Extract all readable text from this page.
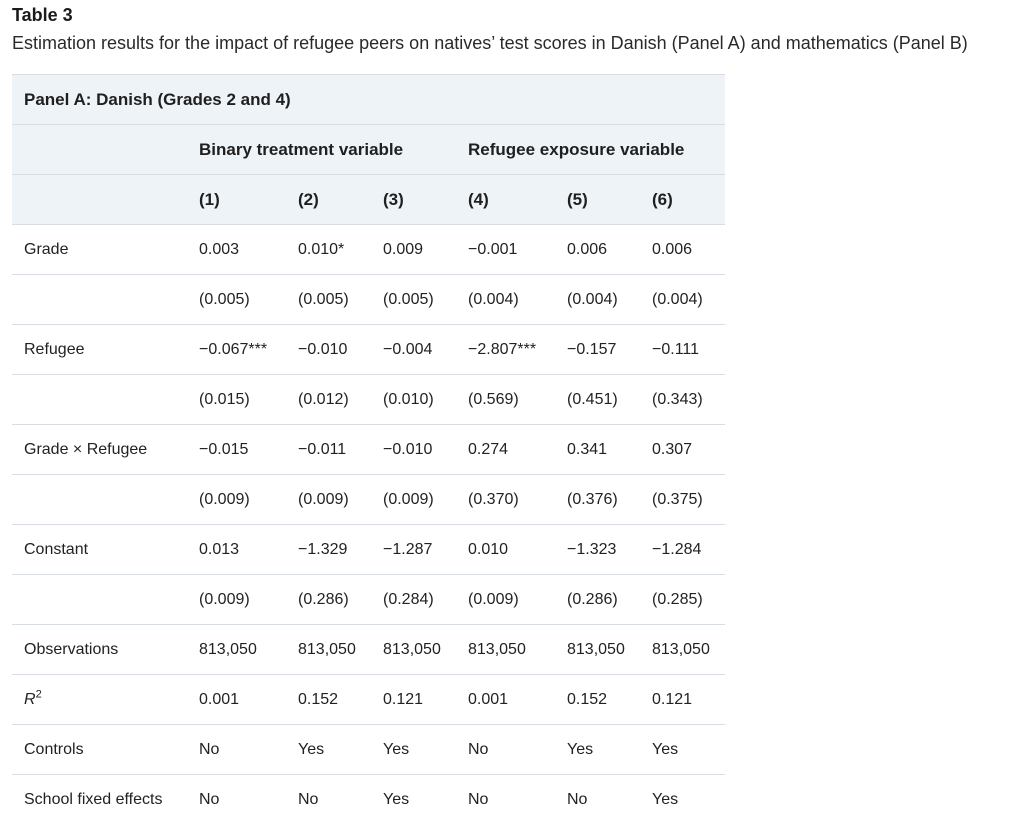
Table 3
Estimation results for the impact of refugee peers on natives’ test scores in Danish (Panel A) and mathematics (Panel B)
Panel A: Danish (Grades 2 and 4)						
	Binary treatment variable			Refugee exposure variable		
	(1)	(2)	(3)	(4)	(5)	(6)
Grade	0.003	0.010*	0.009	−0.001	0.006	0.006
	(0.005)	(0.005)	(0.005)	(0.004)	(0.004)	(0.004)
Refugee	−0.067***	−0.010	−0.004	−2.807***	−0.157	−0.111
	(0.015)	(0.012)	(0.010)	(0.569)	(0.451)	(0.343)
Grade × Refugee	−0.015	−0.011	−0.010	0.274	0.341	0.307
	(0.009)	(0.009)	(0.009)	(0.370)	(0.376)	(0.375)
Constant	0.013	−1.329	−1.287	0.010	−1.323	−1.284
	(0.009)	(0.286)	(0.284)	(0.009)	(0.286)	(0.285)
Observations	813,050	813,050	813,050	813,050	813,050	813,050
$R^2$	0.001	0.152	0.121	0.001	0.152	0.121
Controls	No	Yes	Yes	No	Yes	Yes
School fixed effects	No	No	Yes	No	No	Yes
